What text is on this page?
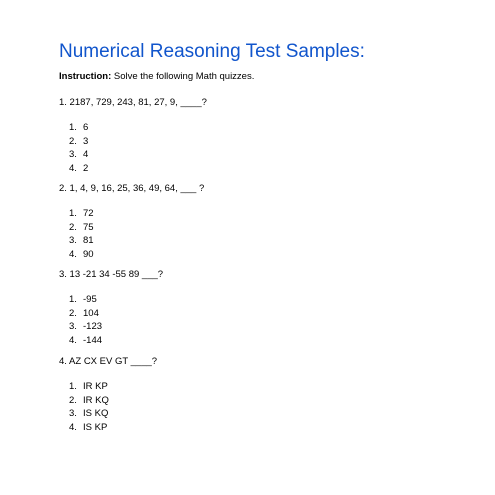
Numerical Reasoning Test Samples:
Instruction: Solve the following Math quizzes.
1. 2187, 729, 243, 81, 27, 9, ____?
1. 6
2. 3
3. 4
4. 2
2. 1, 4, 9, 16, 25, 36, 49, 64, ___ ?
1. 72
2. 75
3. 81
4. 90
3. 13 -21 34 -55 89 ___?
1. -95
2. 104
3. -123
4. -144
4. AZ CX EV GT ____?
1. IR KP
2. IR KQ
3. IS KQ
4. IS KP
